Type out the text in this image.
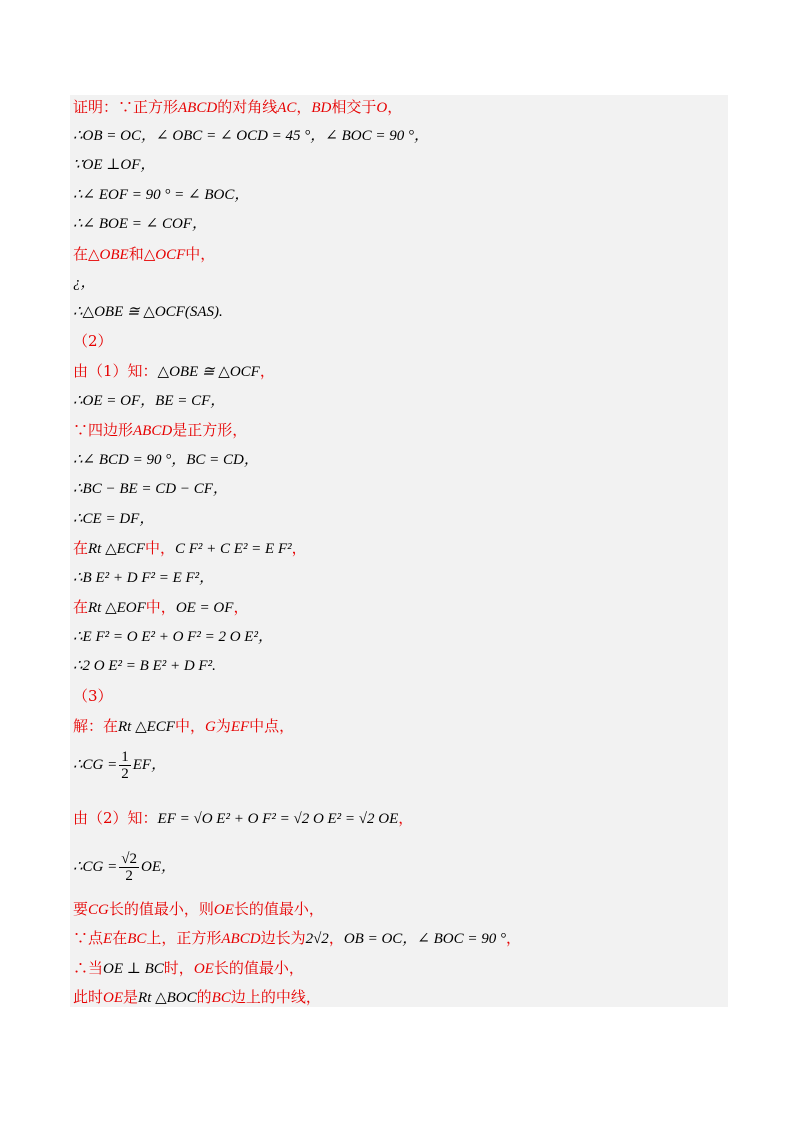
证明：∵正方形ABCD的对角线AC，BD相交于O，
∴OB = OC，∠ OBC = ∠ OCD = 45 °，∠ BOC = 90 °，
∵OE ⊥OF，
∴∠ EOF = 90 ° = ∠ BOC，
∴∠ BOE = ∠ COF，
在△OBE和△OCF中，
¿，
∴△OBE ≅ △OCF(SAS).
（2）
由（1）知：△OBE ≅ △OCF，
∴OE = OF，BE = CF，
∵四边形ABCD是正方形，
∴∠ BCD = 90 °，BC = CD，
∴BC − BE = CD − CF，
∴CE = DF，
在Rt △ECF中，C F² + C E² = E F²，
∴B E² + D F² = E F²，
在Rt △EOF中，OE = OF，
∴E F² = O E² + O F² = 2 O E²，
∴2 O E² = B E² + D F².
（3）
解：在Rt △ECF中，G为EF中点，
∴CG = $\frac{1}{2}$ EF，
由（2）知：EF = √O E² + O F² = √2 O E² = √2 OE，
∴CG = $\frac{√2}{2}$ OE，
要CG长的值最小，则OE长的值最小，
∵点E在BC上，正方形ABCD边长为2√2，OB = OC，∠ BOC = 90 °，
∴当OE ⊥ BC时，OE长的值最小，
此时OE是Rt △BOC的BC边上的中线，
